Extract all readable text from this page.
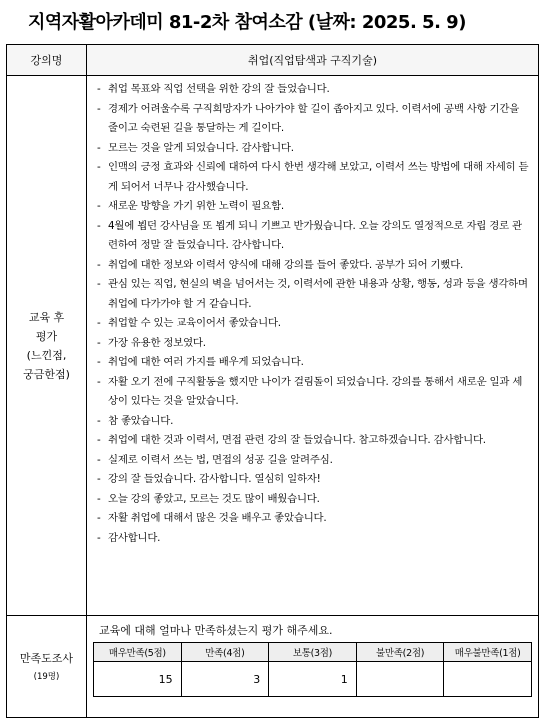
지역자활아카데미 81-2차 참여소감 (날짜: 2025. 5. 9)
강의명	취업(직업탐색과 구직기술)

교육 후
평가
(느낀점,
궁금한점)

- 취업 목표와 직업 선택을 위한 강의 잘 들었습니다.
- 경제가 어려울수록 구직희망자가 나아가야 할 길이 좁아지고 있다. 이력서에 공백 사항 기간을 줄이고 숙련된 길을 통달하는 게 길이다.
- 모르는 것을 알게 되었습니다. 감사합니다.
- 인맥의 긍정 효과와 신뢰에 대하여 다시 한번 생각해 보았고, 이력서 쓰는 방법에 대해 자세히 듣게 되어서 너무나 감사했습니다.
- 새로운 방향을 가기 위한 노력이 필요함.
- 4월에 뵙던 강사님을 또 뵙게 되니 기쁘고 반가웠습니다. 오늘 강의도 열정적으로 자립 경로 관련하여 정말 잘 들었습니다. 감사합니다.
- 취업에 대한 정보와 이력서 양식에 대해 강의를 들어 좋았다. 공부가 되어 기뻤다.
- 관심 있는 직업, 현실의 벽을 넘어서는 것, 이력서에 관한 내용과 상황, 행동, 성과 등을 생각하며 취업에 다가가야 할 거 같습니다.
- 취업할 수 있는 교육이어서 좋았습니다.
- 가장 유용한 정보였다.
- 취업에 대한 여러 가지를 배우게 되었습니다.
- 자활 오기 전에 구직활동을 했지만 나이가 걸림돌이 되었습니다. 강의를 통해서 새로운 일과 세상이 있다는 것을 알았습니다.
- 참 좋았습니다.
- 취업에 대한 것과 이력서, 면접 관련 강의 잘 들었습니다. 참고하겠습니다. 감사합니다.
- 실제로 이력서 쓰는 법, 면접의 성공 길을 알려주심.
- 강의 잘 들었습니다. 감사합니다. 열심히 일하자!
- 오늘 강의 좋았고, 모르는 것도 많이 배웠습니다.
- 자활 취업에 대해서 많은 것을 배우고 좋았습니다.
- 감사합니다.

만족도조사
(19명)

교육에 대해 얼마나 만족하셨는지 평가 해주세요.
매우만족(5점)	만족(4점)	보통(3점)	불만족(2점)	매우불만족(1점)
15	3	1		
